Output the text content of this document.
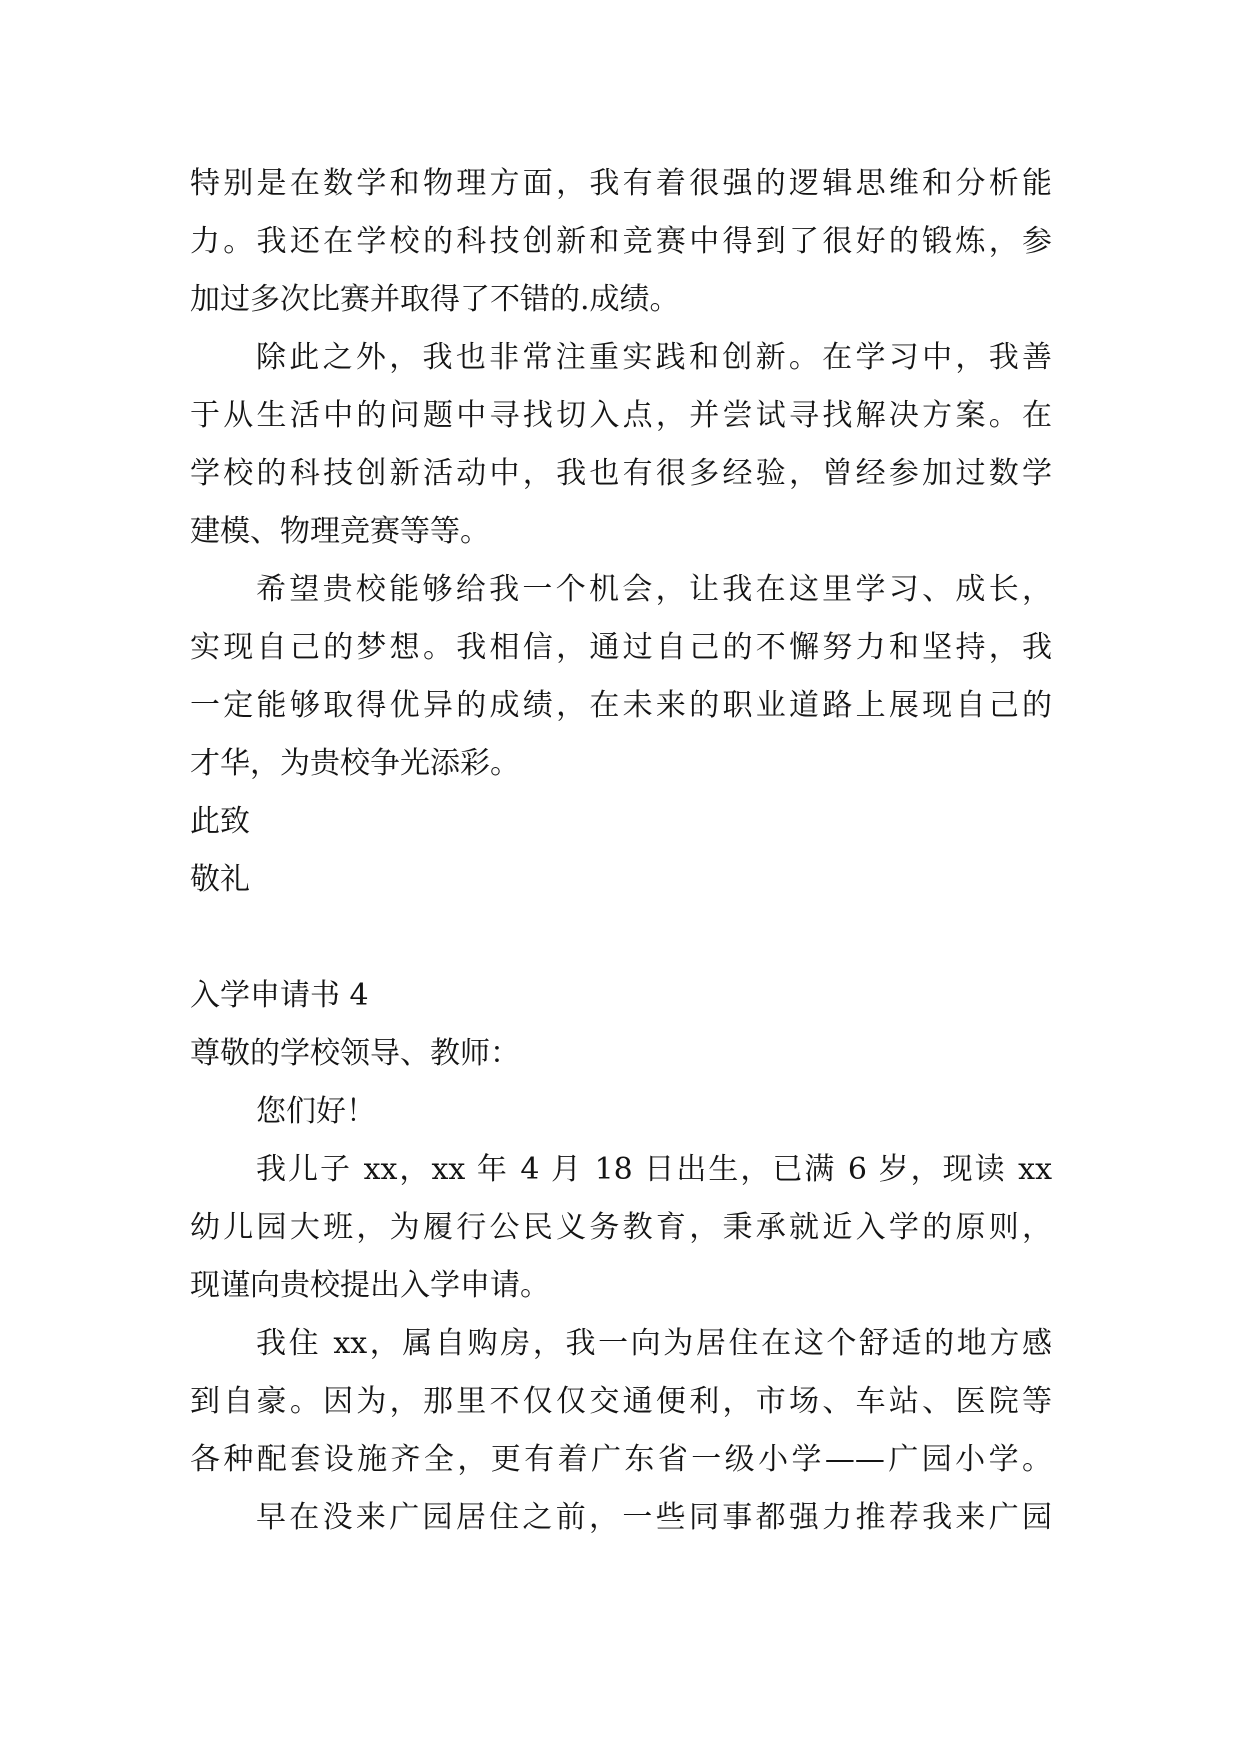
特别是在数学和物理方面，我有着很强的逻辑思维和分析能
力。我还在学校的科技创新和竞赛中得到了很好的锻炼，参
加过多次比赛并取得了不错的.成绩。
除此之外，我也非常注重实践和创新。在学习中，我善
于从生活中的问题中寻找切入点，并尝试寻找解决方案。在
学校的科技创新活动中，我也有很多经验，曾经参加过数学
建模、物理竞赛等等。
希望贵校能够给我一个机会，让我在这里学习、成长，
实现自己的梦想。我相信，通过自己的不懈努力和坚持，我
一定能够取得优异的成绩，在未来的职业道路上展现自己的
才华，为贵校争光添彩。
此致
敬礼
入学申请书 4
尊敬的学校领导、教师：
您们好！
我儿子 xx，xx 年 4 月 18 日出生，已满 6 岁，现读 xx
幼儿园大班，为履行公民义务教育，秉承就近入学的原则，
现谨向贵校提出入学申请。
我住 xx，属自购房，我一向为居住在这个舒适的地方感
到自豪。因为，那里不仅仅交通便利，市场、车站、医院等
各种配套设施齐全，更有着广东省一级小学——广园小学。
早在没来广园居住之前，一些同事都强力推荐我来广园
